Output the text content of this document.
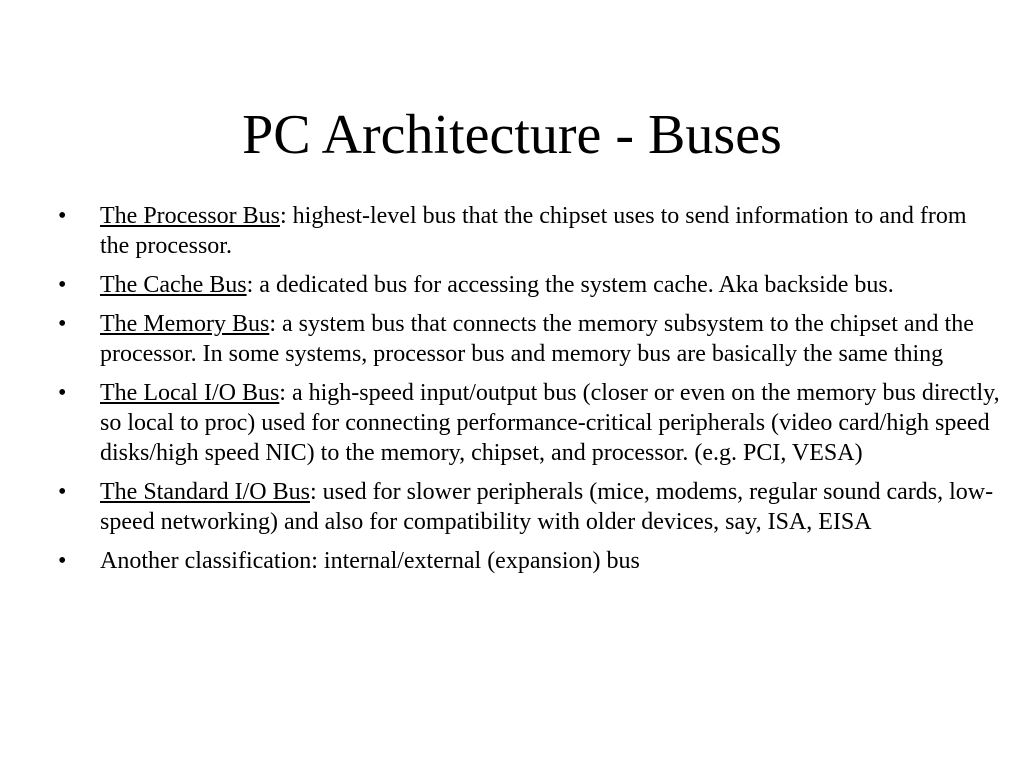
PC Architecture - Buses
• The Processor Bus: highest-level bus that the chipset uses to send information to and from the processor.
• The Cache Bus: a dedicated bus for accessing the system cache. Aka backside bus.
• The Memory Bus: a system bus that connects the memory subsystem to the chipset and the processor. In some systems, processor bus and memory bus are basically the same thing
• The Local I/O Bus: a high-speed input/output bus (closer or even on the memory bus directly, so local to proc) used for connecting performance-critical peripherals (video card/high speed disks/high speed NIC) to the memory, chipset, and processor. (e.g. PCI, VESA)
• The Standard I/O Bus: used for slower peripherals (mice, modems, regular sound cards, low-speed networking) and also for compatibility with older devices, say, ISA, EISA
• Another classification: internal/external (expansion) bus
